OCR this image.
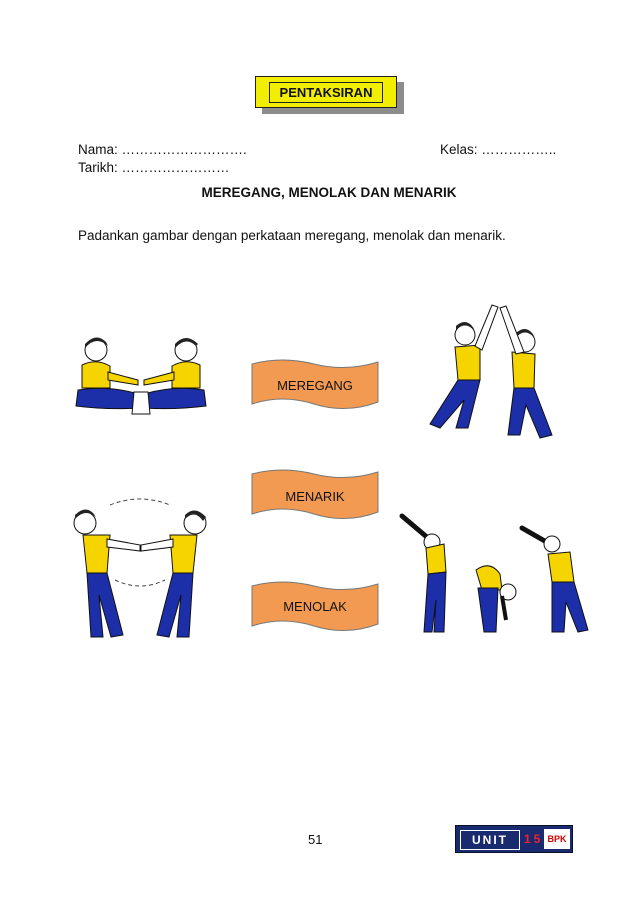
PENTAKSIRAN
Nama: ……………………….	Kelas: ……………..
Tarikh: ……………………
MEREGANG, MENOLAK DAN MENARIK
Padankan gambar dengan perkataan meregang, menolak dan menarik.
MEREGANG
MENARIK
MENOLAK
51	UNIT	15 BPK
